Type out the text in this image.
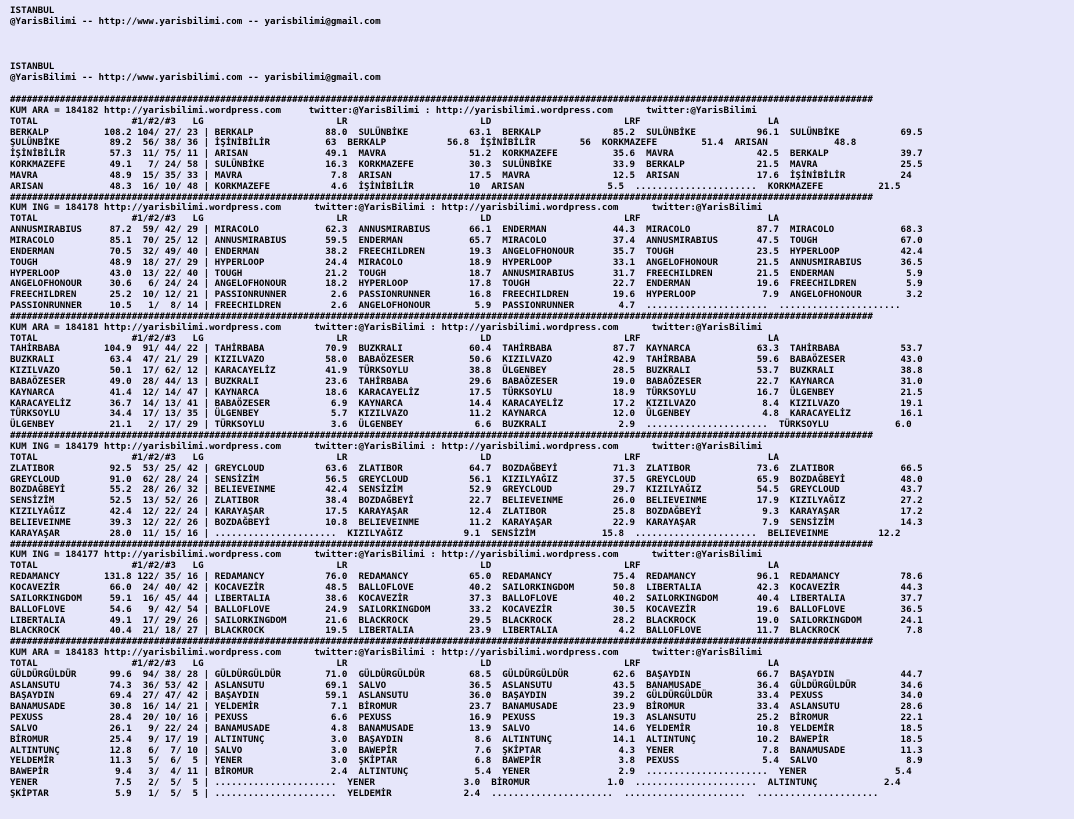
ISTANBUL
@YarisBilimi -- http://www.yarisbilimi.com -- yarisbilimi@gmail.com
ISTANBUL
@YarisBilimi -- http://www.yarisbilimi.com -- yarisbilimi@gmail.com
############################################################################################################################################################
KUM ARA = 184182 http://yarisbilimi.wordpress.com     twitter:@YarisBilimi : http://yarisbilimi.wordpress.com      twitter:@YarisBilimi
TOTAL                 #1/#2/#3   LG                        LR                        LD                        LRF                       LA
BERKALP          108.2 104/ 27/ 23 | BERKALP             88.0  SULÜNBİKE           63.1  BERKALP             85.2  SULÜNBİKE           96.1  SULÜNBİKE           69.5
ŞULÜNBİKE         89.2  56/ 38/ 36 | İŞİNİBİLİR          63  BERKALP           56.8  İŞİNİBİLİR        56  KORKMAZEFE        51.4  ARISAN            48.8
İŞİNİBİLİR        57.3  11/ 75/ 11 | ARISAN              49.1  MAVRA               51.2  KORKMAZEFE          35.6  MAVRA               42.5  BERKALP             39.7
KORKMAZEFE        49.1   7/ 24/ 58 | SULÜNBİKE           16.3  KORKMAZEFE          30.3  SULÜNBİKE           33.9  BERKALP             21.5  MAVRA               25.5
MAVRA             48.9  15/ 35/ 33 | MAVRA                7.8  ARISAN              17.5  MAVRA               12.5  ARISAN              17.6  İŞİNİBİLİR          24
ARISAN            48.3  16/ 10/ 48 | KORKMAZEFE           4.6  İŞİNİBİLİR          10  ARISAN               5.5  ......................  KORKMAZEFE          21.5
############################################################################################################################################################
KUM ING = 184178 http://yarisbilimi.wordpress.com      twitter:@YarisBilimi : http://yarisbilimi.wordpress.com      twitter:@YarisBilimi
TOTAL                 #1/#2/#3   LG                        LR                        LD                        LRF                       LA
ANNUSMIRABIUS     87.2  59/ 42/ 29 | MIRACOLO            62.3  ANNUSMIRABIUS       66.1  ENDERMAN            44.3  MIRACOLO            87.7  MIRACOLO            68.3
MIRACOLO          85.1  70/ 25/ 12 | ANNUSMIRABIUS       59.5  ENDERMAN            65.7  MIRACOLO            37.4  ANNUSMIRABIUS       47.5  TOUGH               67.0
ENDERMAN          70.5  32/ 49/ 40 | ENDERMAN            38.2  FREECHILDREN        19.3  ANGELOFHONOUR       35.7  TOUGH               23.5  HYPERLOOP           42.4
TOUGH             48.9  18/ 27/ 29 | HYPERLOOP           24.4  MIRACOLO            18.9  HYPERLOOP           33.1  ANGELOFHONOUR       21.5  ANNUSMIRABIUS       36.5
HYPERLOOP         43.0  13/ 22/ 40 | TOUGH               21.2  TOUGH               18.7  ANNUSMIRABIUS       31.7  FREECHILDREN        21.5  ENDERMAN             5.9
ANGELOFHONOUR     30.6   6/ 24/ 24 | ANGELOFHONOUR       18.2  HYPERLOOP           17.8  TOUGH               22.7  ENDERMAN            19.6  FREECHILDREN         5.9
FREECHILDREN      25.2  10/ 12/ 21 | PASSIONRUNNER        2.6  PASSIONRUNNER       16.8  FREECHILDREN        19.6  HYPERLOOP            7.9  ANGELOFHONOUR        3.2
PASSIONRUNNER     10.5   1/  8/ 14 | FREECHILDREN         2.6  ANGELOFHONOUR        5.9  PASSIONRUNNER        4.7  ......................  ......................
############################################################################################################################################################
KUM ARA = 184181 http://yarisbilimi.wordpress.com      twitter:@YarisBilimi : http://yarisbilimi.wordpress.com      twitter:@YarisBilimi
TOTAL                 #1/#2/#3   LG                        LR                        LD                        LRF                       LA
TAHİRBABA        104.9  91/ 44/ 22 | TAHİRBABA           70.9  BUZKRALI            60.4  TAHİRBABA           87.7  KAYNARCA            63.3  TAHİRBABA           53.7
BUZKRALI          63.4  47/ 21/ 29 | KIZILVAZO           58.0  BABAÖZESER          50.6  KIZILVAZO           42.9  TAHİRBABA           59.6  BABAÖZESER          43.0
KIZILVAZO         50.1  17/ 62/ 12 | KARACAYELİZ         41.9  TÜRKSOYLU           38.8  ÜLGENBEY            28.5  BUZKRALI            53.7  BUZKRALI            38.8
BABAÖZESER        49.0  28/ 44/ 13 | BUZKRALI            23.6  TAHİRBABA           29.6  BABAÖZESER          19.0  BABAÖZESER          22.7  KAYNARCA            31.0
KAYNARCA          41.4  12/ 14/ 47 | KAYNARCA            18.6  KARACAYELİZ         17.5  TÜRKSOYLU           18.9  TÜRKSOYLU           16.7  ÜLGENBEY            21.5
KARACAYELİZ       36.7  14/ 13/ 41 | BABAÖZESER           6.9  KAYNARCA            14.4  KARACAYELİZ         17.2  KIZILVAZO            8.4  KIZILVAZO           19.1
TÜRKSOYLU         34.4  17/ 13/ 35 | ÜLGENBEY             5.7  KIZILVAZO           11.2  KAYNARCA            12.0  ÜLGENBEY             4.8  KARACAYELİZ         16.1
ÜLGENBEY          21.1   2/ 17/ 29 | TÜRKSOYLU            3.6  ÜLGENBEY             6.6  BUZKRALI             2.9  ......................  TÜRKSOYLU            6.0
############################################################################################################################################################
KUM ING = 184179 http://yarisbilimi.wordpress.com      twitter:@YarisBilimi : http://yarisbilimi.wordpress.com      twitter:@YarisBilimi
TOTAL                 #1/#2/#3   LG                        LR                        LD                        LRF                       LA
ZLATIBOR          92.5  53/ 25/ 42 | GREYCLOUD           63.6  ZLATIBOR            64.7  BOZDAĞBEYİ          71.3  ZLATIBOR            73.6  ZLATIBOR            66.5
GREYCLOUD         91.0  62/ 28/ 24 | SENSİZİM            56.5  GREYCLOUD           56.1  KIZILYAĞIZ          37.5  GREYCLOUD           65.9  BOZDAĞBEYİ          48.0
BOZDAĞBEYİ        55.2  28/ 26/ 32 | BELIEVEINME         42.4  SENSİZİM            52.9  GREYCLOUD           29.7  KIZILYAĞIZ          54.5  GREYCLOUD           43.7
SENSİZİM          52.5  13/ 52/ 26 | ZLATIBOR            38.4  BOZDAĞBEYİ          22.7  BELIEVEINME         26.0  BELIEVEINME         17.9  KIZILYAĞIZ          27.2
KIZILYAĞIZ        42.4  12/ 22/ 24 | KARAYAŞAR           17.5  KARAYAŞAR           12.4  ZLATIBOR            25.8  BOZDAĞBEYİ           9.3  KARAYAŞAR           17.2
BELIEVEINME       39.3  12/ 22/ 26 | BOZDAĞBEYİ          10.8  BELIEVEINME         11.2  KARAYAŞAR           22.9  KARAYAŞAR            7.9  SENSİZİM            14.3
KARAYAŞAR         28.0  11/ 15/ 16 | ......................  KIZILYAĞIZ           9.1  SENSİZİM            15.8  ......................  BELIEVEINME         12.2
############################################################################################################################################################
KUM ING = 184177 http://yarisbilimi.wordpress.com      twitter:@YarisBilimi : http://yarisbilimi.wordpress.com      twitter:@YarisBilimi
TOTAL                 #1/#2/#3   LG                        LR                        LD                        LRF                       LA
REDAMANCY        131.8 122/ 35/ 16 | REDAMANCY           76.0  REDAMANCY           65.0  REDAMANCY           75.4  REDAMANCY           96.1  REDAMANCY           78.6
KOCAVEZİR         66.0  24/ 40/ 42 | KOCAVEZİR           48.5  BALLOFLOVE          40.2  SAILORKINGDOM       50.8  LIBERTALIA          42.3  KOCAVEZİR           44.3
SAILORKINGDOM     59.1  16/ 45/ 44 | LIBERTALIA          38.6  KOCAVEZİR           37.3  BALLOFLOVE          40.2  SAILORKINGDOM       40.4  LIBERTALIA          37.7
BALLOFLOVE        54.6   9/ 42/ 54 | BALLOFLOVE          24.9  SAILORKINGDOM       33.2  KOCAVEZİR           30.5  KOCAVEZİR           19.6  BALLOFLOVE          36.5
LIBERTALIA        49.1  17/ 29/ 26 | SAILORKINGDOM       21.6  BLACKROCK           29.5  BLACKROCK           28.2  BLACKROCK           19.0  SAILORKINGDOM       24.1
BLACKROCK         40.4  21/ 18/ 27 | BLACKROCK           19.5  LIBERTALIA          23.9  LIBERTALIA           4.2  BALLOFLOVE          11.7  BLACKROCK            7.8
############################################################################################################################################################
KUM ARA = 184183 http://yarisbilimi.wordpress.com      twitter:@YarisBilimi : http://yarisbilimi.wordpress.com      twitter:@YarisBilimi
TOTAL                 #1/#2/#3   LG                        LR                        LD                        LRF                       LA
GÜLDÜRGÜLDÜR      99.6  94/ 38/ 28 | GÜLDÜRGÜLDÜR        71.0  GÜLDÜRGÜLDÜR        68.5  GÜLDÜRGÜLDÜR        62.6  BAŞAYDIN            66.7  BAŞAYDIN            44.7
ASLANSUTU         74.3  36/ 53/ 42 | ASLANSUTU           69.1  SALVO               36.5  ASLANSUTU           43.5  BANAMUSADE          36.4  GÜLDÜRGÜLDÜR        34.6
BAŞAYDIN          69.4  27/ 47/ 42 | BAŞAYDIN            59.1  ASLANSUTU           36.0  BAŞAYDIN            39.2  GÜLDÜRGÜLDÜR        33.4  PEXUSS              34.0
BANAMUSADE        30.8  16/ 14/ 21 | YELDEMİR             7.1  BİROMUR             23.7  BANAMUSADE          23.9  BİROMUR             33.4  ASLANSUTU           28.6
PEXUSS            28.4  20/ 10/ 16 | PEXUSS               6.6  PEXUSS              16.9  PEXUSS              19.3  ASLANSUTU           25.2  BİROMUR             22.1
SALVO             26.1   9/ 22/ 24 | BANAMUSADE           4.8  BANAMUSADE          13.9  SALVO               14.6  YELDEMİR            10.8  YELDEMİR            18.5
BİROMUR           25.4   9/ 17/ 19 | ALTINTUNÇ            3.0  BAŞAYDIN             8.6  ALTINTUNÇ           14.1  ALTINTUNÇ           10.2  BAWEPİR             18.5
ALTINTUNÇ         12.8   6/  7/ 10 | SALVO                3.0  BAWEPİR              7.6  ŞKİPTAR              4.3  YENER                7.8  BANAMUSADE          11.3
YELDEMİR          11.3   5/  6/  5 | YENER                3.0  ŞKİPTAR              6.8  BAWEPİR              3.8  PEXUSS               5.4  SALVO                8.9
BAWEPİR            9.4   3/  4/ 11 | BİROMUR              2.4  ALTINTUNÇ            5.4  YENER                2.9  ......................  YENER                5.4
YENER              7.5   2/  5/  5 | ......................  YENER                3.0  BİROMUR              1.0  ......................  ALTINTUNÇ            2.4
ŞKİPTAR            5.9   1/  5/  5 | ......................  YELDEMİR             2.4  ......................  ......................  ......................
